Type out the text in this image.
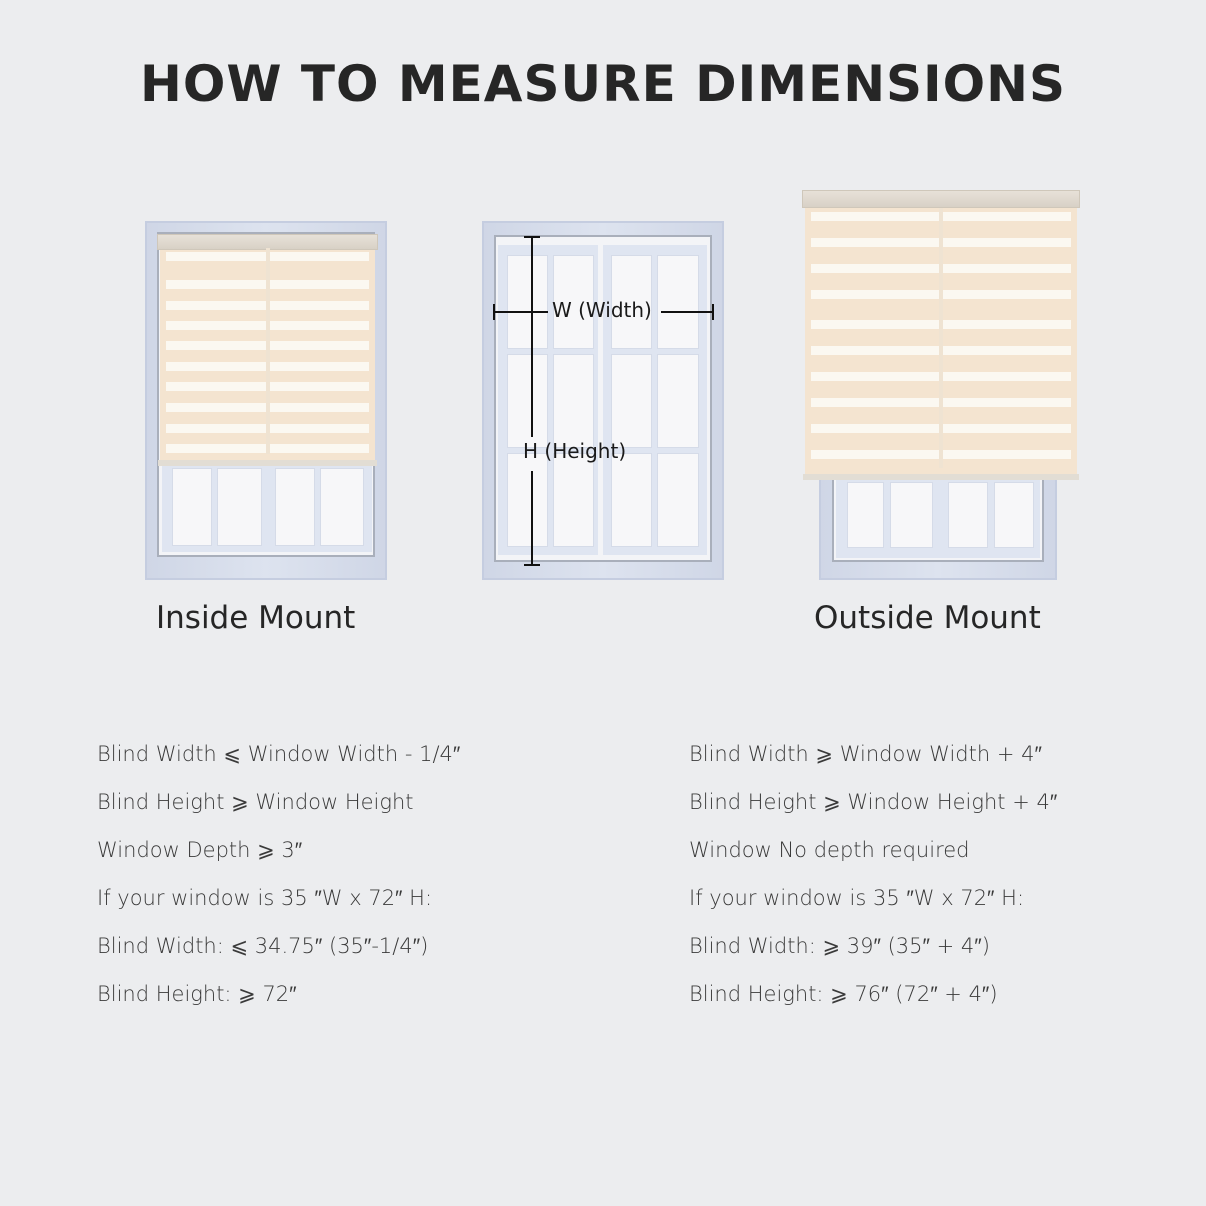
HOW TO MEASURE DIMENSIONS
Inside Mount
W (Width)
H (Height)
Outside Mount
Blind Width ⩽ Window Width - 1/4″
Blind Height ⩾ Window Height
Window Depth ⩾ 3″
If your window is 35 ″W x 72″ H:
Blind Width: ⩽ 34.75″ (35″-1/4″)
Blind Height: ⩾ 72″
Blind Width ⩾ Window Width + 4″
Blind Height ⩾ Window Height + 4″
Window No depth required
If your window is 35 ″W x 72″ H:
Blind Width: ⩾ 39″ (35″ + 4″)
Blind Height: ⩾ 76″ (72″ + 4″)
